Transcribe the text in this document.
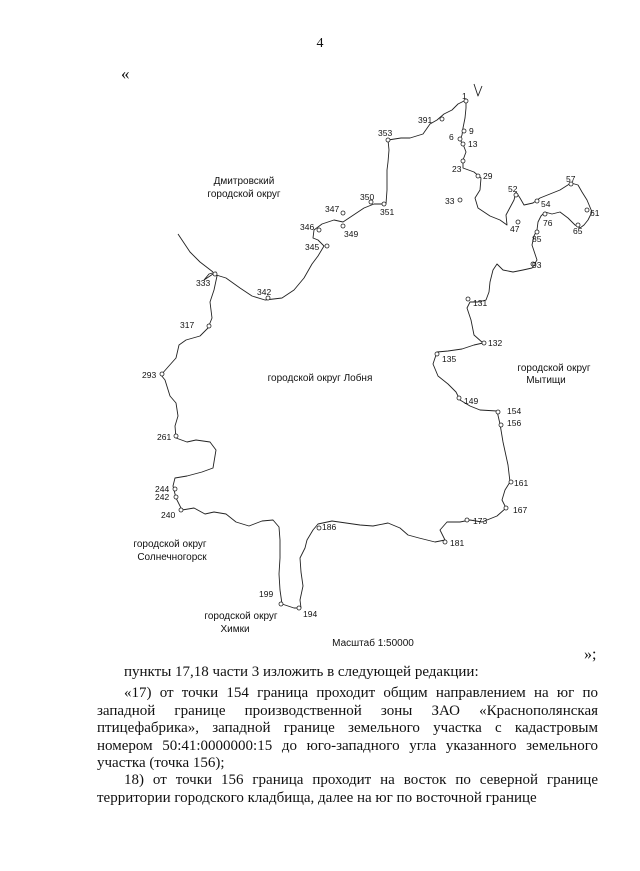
4
«
1
391
9
6
13
353
23
29	57
52
54
33
61
350
347	351
76
47
85
65
346
349
345
93
333
342
131
317
132
135
293
149
154
156
261
161
244
242
240	167
173
186
181
199
194
Дмитровский
городской округ
городской округ Лобня
городской округ
Мытищи
городской округ
Солнечногорск
городской округ
Химки
Масштаб 1:50000
»;
пункты 17,18 части 3 изложить в следующей редакции:
«17) от точки 154 граница проходит общим направлением на юг по западной границе производственной зоны ЗАО «Краснополянская птицефабрика», западной границе земельного участка с кадастровым номером 50:41:0000000:15 до юго-западного угла указанного земельного участка (точка 156);
18) от точки 156 граница проходит на восток по северной границе территории городского кладбища, далее на юг по восточной границе
